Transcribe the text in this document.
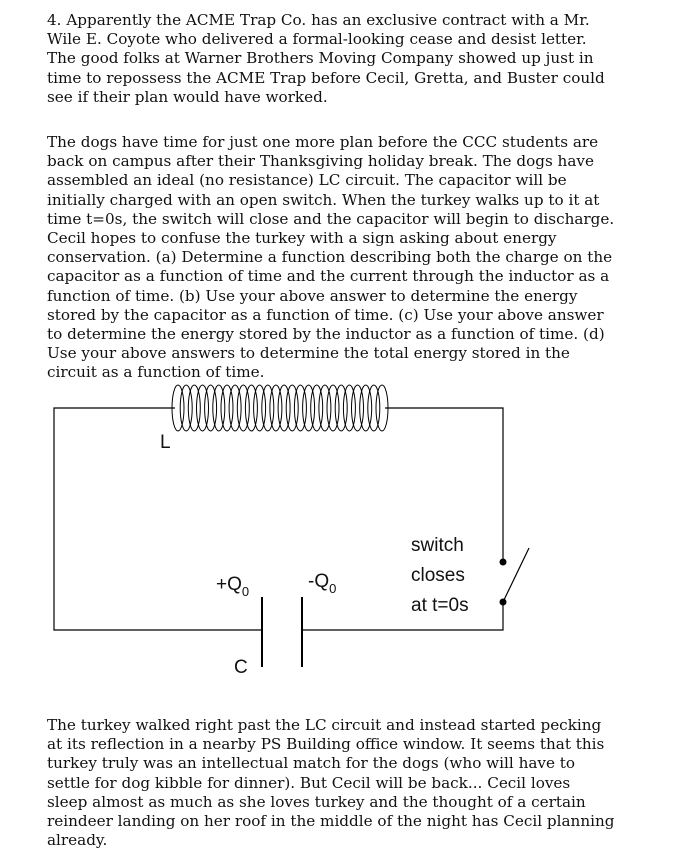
4. Apparently the ACME Trap Co. has an exclusive contract with a Mr.
Wile E. Coyote who delivered a formal-looking cease and desist letter.
The good folks at Warner Brothers Moving Company showed up just in
time to repossess the ACME Trap before Cecil, Gretta, and Buster could
see if their plan would have worked.
The dogs have time for just one more plan before the CCC students are
back on campus after their Thanksgiving holiday break. The dogs have
assembled an ideal (no resistance) LC circuit. The capacitor will be
initially charged with an open switch. When the turkey walks up to it at
time t=0s, the switch will close and the capacitor will begin to discharge.
Cecil hopes to confuse the turkey with a sign asking about energy
conservation. (a) Determine a function describing both the charge on the
capacitor as a function of time and the current through the inductor as a
function of time. (b) Use your above answer to determine the energy
stored by the capacitor as a function of time. (c) Use your above answer
to determine the energy stored by the inductor as a function of time. (d)
Use your above answers to determine the total energy stored in the
circuit as a function of time.
L
C
$+Q_0$	$-Q_0$
switch
closes
at t=0s
The turkey walked right past the LC circuit and instead started pecking
at its reflection in a nearby PS Building office window. It seems that this
turkey truly was an intellectual match for the dogs (who will have to
settle for dog kibble for dinner). But Cecil will be back... Cecil loves
sleep almost as much as she loves turkey and the thought of a certain
reindeer landing on her roof in the middle of the night has Cecil planning
already.
